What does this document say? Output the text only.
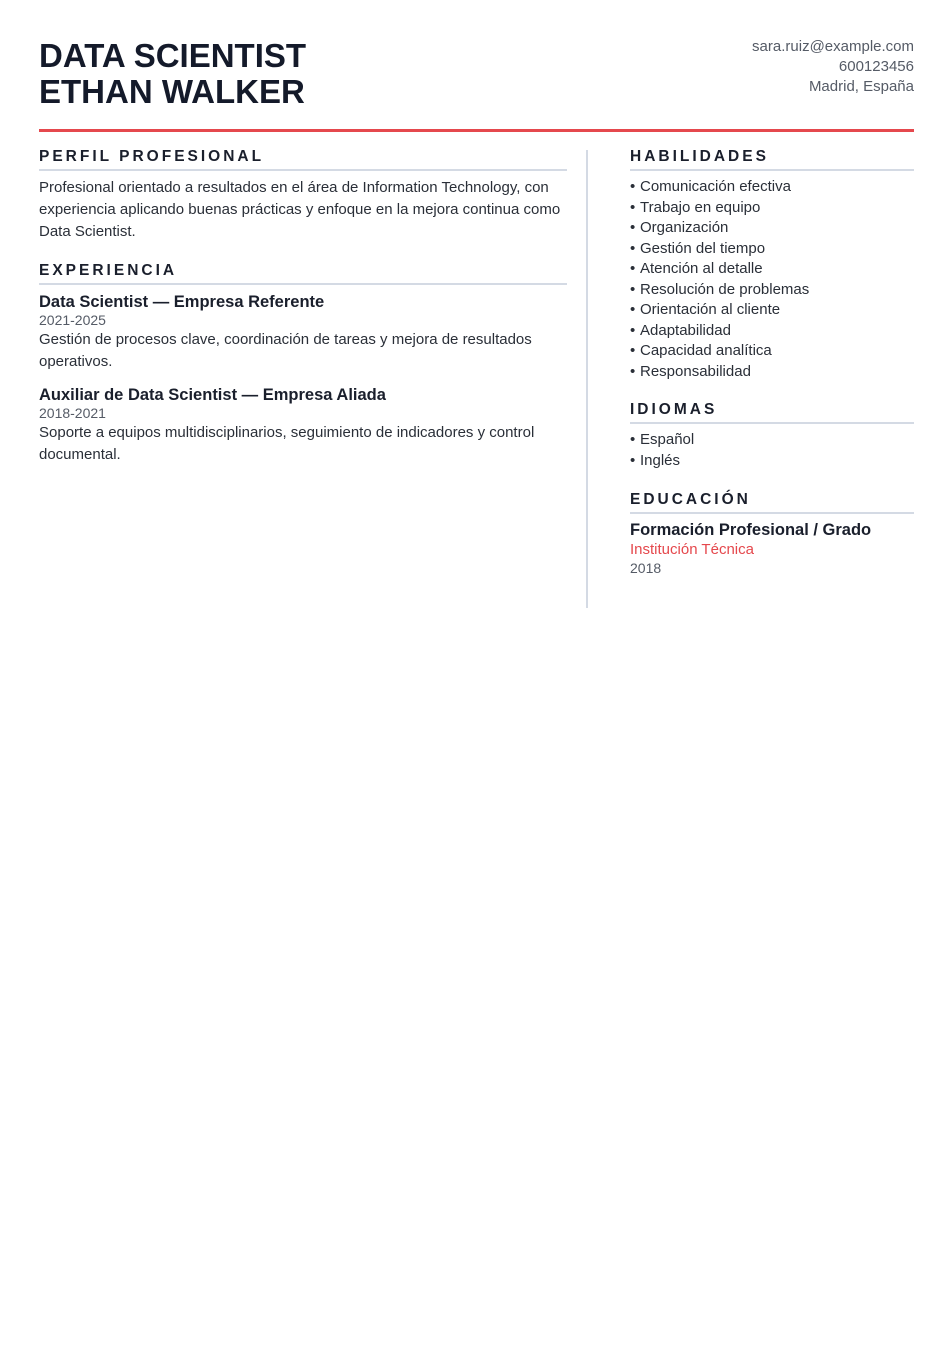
DATA SCIENTIST
ETHAN WALKER
sara.ruiz@example.com
600123456
Madrid, España
PERFIL PROFESIONAL
Profesional orientado a resultados en el área de Information Technology, con experiencia aplicando buenas prácticas y enfoque en la mejora continua como Data Scientist.
EXPERIENCIA
Data Scientist — Empresa Referente
2021-2025
Gestión de procesos clave, coordinación de tareas y mejora de resultados operativos.
Auxiliar de Data Scientist — Empresa Aliada
2018-2021
Soporte a equipos multidisciplinarios, seguimiento de indicadores y control documental.
HABILIDADES
• Comunicación efectiva
• Trabajo en equipo
• Organización
• Gestión del tiempo
• Atención al detalle
• Resolución de problemas
• Orientación al cliente
• Adaptabilidad
• Capacidad analítica
• Responsabilidad
IDIOMAS
• Español
• Inglés
EDUCACIÓN
Formación Profesional / Grado
Institución Técnica
2018
